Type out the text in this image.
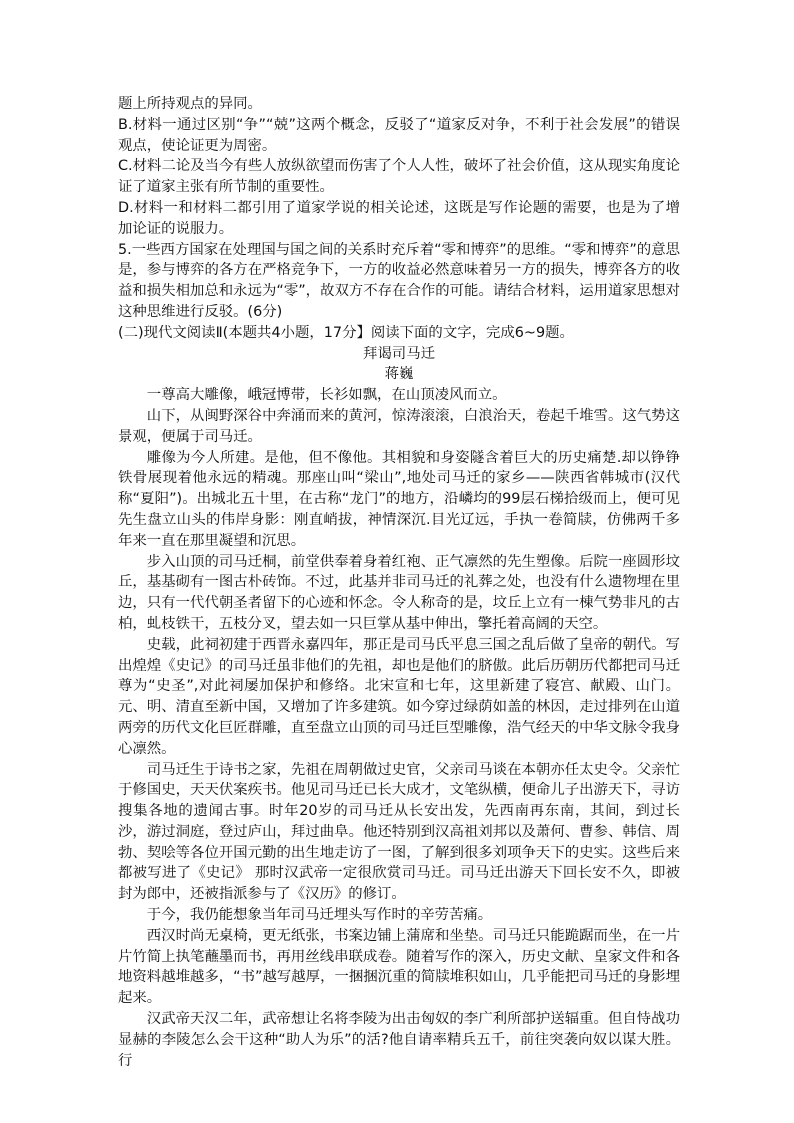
题上所持观点的异同。

B.材料一通过区别“争”“兢”这两个概念，反驳了“道家反对争，不利于社会发展”的错误观点，使论证更为周密。

C.材料二论及当今有些人放纵欲望而伤害了个人人性，破坏了社会价值，这从现实角度论证了道家主张有所节制的重要性。

D.材料一和材料二都引用了道家学说的相关论述，这既是写作论题的需要，也是为了增加论证的说服力。

5.一些西方国家在处理国与国之间的关系时充斥着“零和博弈”的思维。“零和博弈”的意思是，参与博弈的各方在严格竞争下，一方的收益必然意味着另一方的损失，博弈各方的收益和损失相加总和永远为“零”，故双方不存在合作的可能。请结合材料，运用道家思想对这种思维进行反驳。(6分)

(二)现代文阅读Ⅱ(本题共4小题，17分】阅读下面的文字，完成6~9题。

拜谒司马迁

蒋巍

一尊高大雕像，峨冠博带，长衫如飘，在山顶凌风而立。

山下，从闽野深谷中奔涌而来的黄河，惊涛滚滚，白浪治天，卷起千堆雪。这气势这景观，便属于司马迁。

雕像为今人所建。是他，但不像他。其相貌和身姿隧含着巨大的历史痛楚.却以铮铮铁骨展现着他永远的精魂。那座山叫“梁山”,地处司马迁的家乡——陕西省韩城市(汉代称“夏阳”)。出城北五十里，在古称“龙门”的地方，沿嶙均的99层石梯拾级而上，便可见先生盘立山头的伟岸身影：刚直峭拔，神情深沉.目光辽远，手执一卷简牍，仿佛两千多年来一直在那里凝望和沉思。

步入山顶的司马迁桐，前堂供奉着身着红袍、正气凛然的先生塑像。后院一座圆形坟丘，基基砌有一图古朴砖饰。不过，此基并非司马迁的礼葬之处，也没有什么遗物埋在里边，只有一代代朝圣者留下的心迹和怀念。令人称奇的是，坟丘上立有一棟气势非凡的古柏，虬枝铁干，五枝分叉，望去如一只巨掌从基中伸出，擎托着高阔的天空。

史载，此祠初建于西晋永嘉四年，那正是司马氏平息三国之乱后做了皇帝的朝代。写出煌煌《史记》的司马迁虽非他们的先祖，却也是他们的脐傲。此后历朝历代都把司马迁尊为“史圣”,对此祠屡加保护和修络。北宋宣和七年，这里新建了寝宫、献殿、山门。元、明、清直至新中国，又增加了许多建筑。如今穿过绿荫如盖的林因，走过排列在山道两旁的历代文化巨匠群雕，直至盘立山顶的司马迁巨型雕像，浩气经天的中华文脉令我身心凛然。

司马迁生于诗书之家，先祖在周朝做过史官，父亲司马谈在本朝亦任太史令。父亲忙于修国史，天天伏案疾书。他见司马迁已长大成才，文笔纵横，便命儿子出游天下，寻访搜集各地的遗闻古事。时年20岁的司马迁从长安出发，先西南再东南，其间，到过长沙，游过洞庭，登过庐山，拜过曲阜。他还特别到汉高祖刘邦以及萧何、曹参、韩信、周勃、契哙等各位开国元勤的出生地走访了一图，了解到很多刘项争天下的史实。这些后来都被写进了《史记》 那时汉武帝一定很欣赏司马迁。司马迁出游天下回长安不久，即被封为郎中，还被指派参与了《汉历》的修订。

于今，我仍能想象当年司马迁埋头写作时的辛劳苦痛。

西汉时尚无桌椅，更无纸张，书案边铺上蒲席和坐垫。司马迁只能跪踞而坐，在一片片竹简上执笔蘸墨而书，再用丝线串联成卷。随着写作的深入，历史文献、皇家文件和各地资料越堆越多，“书”越写越厚，一捆捆沉重的简牍堆积如山，几乎能把司马迁的身影埋起来。

汉武帝天汉二年，武帝想让名将李陵为出击匈奴的李广利所部护送辐重。但自恃战功显赫的李陵怎么会干这种“助人为乐”的活?他自请率精兵五千，前往突袭向奴以谋大胜。行
